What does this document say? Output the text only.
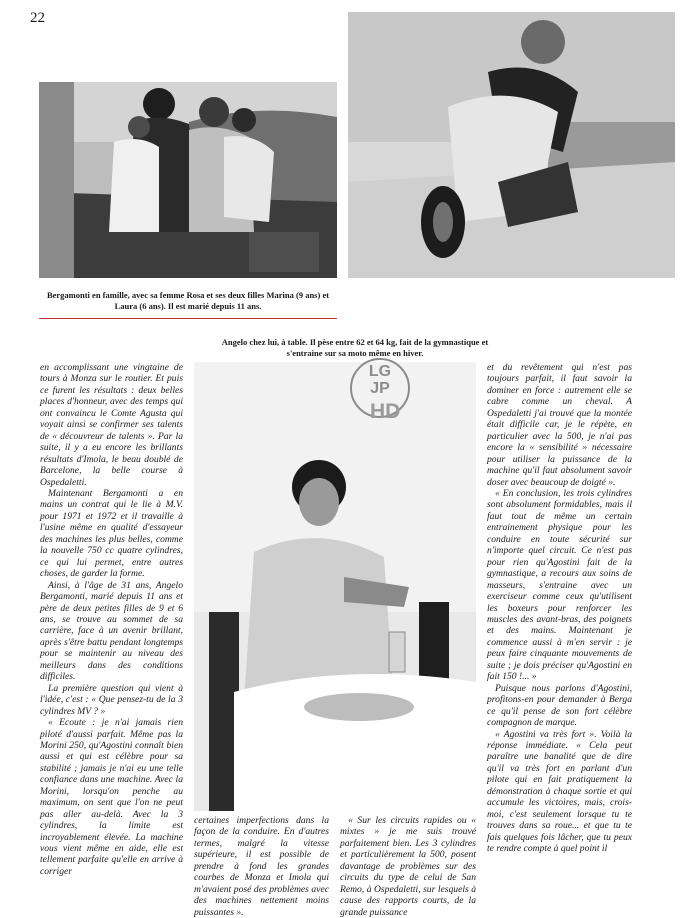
22

Bergamonti en famille, avec sa femme Rosa et ses deux filles Marina (9 ans) et Laura (6 ans). Il est marié depuis 11 ans.

Angelo chez lui, à table. Il pèse entre 62 et 64 kg, fait de la gymnastique et s'entraine sur sa moto même en hiver.

LG
JP
HD

en accomplissant une vingtaine de tours à Monza sur le routier. Et puis ce furent les résultats : deux belles places d'honneur, avec des temps qui ont convaincu le Comte Agusta qui voyait ainsi se confirmer ses talents de « découvreur de talents ». Par la suite, il y a eu encore les brillants résultats d'Imola, le beau doublé de Barcelone, la belle course à Ospedaletti.

Maintenant Bergamonti a en mains un contrat qui le lie à M.V. pour 1971 et 1972 et il travaille à l'usine même en qualité d'essayeur des machines les plus belles, comme la nouvelle 750 cc quatre cylindres, ce qui lui permet, entre autres choses, de garder la forme.

Ainsi, à l'âge de 31 ans, Angelo Bergamonti, marié depuis 11 ans et père de deux petites filles de 9 et 6 ans, se trouve au sommet de sa carrière, face à un avenir brillant, après s'être battu pendant longtemps pour se maintenir au niveau des meilleurs dans des conditions difficiles.

La première question qui vient à l'idée, c'est : « Que pensez-tu de la 3 cylindres MV ? »

« Ecoute : je n'ai jamais rien piloté d'aussi parfait. Même pas la Morini 250, qu'Agostini connaît bien aussi et qui est célèbre pour sa stabilité ; jamais je n'ai eu une telle confiance dans une machine. Avec la Morini, lorsqu'on penche au maximum, on sent que l'on ne peut pas aller au-delà. Avec la 3 cylindres, la limite est incroyablement élevée. La machine vous vient même en aide, elle est tellement parfaite qu'elle en arrive à corriger

certaines imperfections dans la façon de la conduire. En d'autres termes, malgré la vitesse supérieure, il est possible de prendre à fond les grandes courbes de Monza et Imola qui m'avaient posé des problèmes avec des machines nettement moins puissantes ».

« Sur les circuits rapides ou « mixtes » je me suis trouvé parfaitement bien. Les 3 cylindres et particulièrement la 500, posent davantage de problèmes sur des circuits du type de celui de San Remo, à Ospedaletti, sur lesquels à cause des rapports courts, de la grande puissance

et du revêtement qui n'est pas toujours parfait, il faut savoir la dominer en force : autrement elle se cabre comme un cheval. A Ospedaletti j'ai trouvé que la montée était difficile car, je le répète, en particulier avec la 500, je n'ai pas encore la « sensibilité » nécessaire pour utiliser la puissance de la machine qu'il faut absolument savoir doser avec beaucoup de doigté ».

« En conclusion, les trois cylindres sont absolument formidables, mais il faut tout de même un certain entrainement physique pour les conduire en toute sécurité sur n'importe quel circuit. Ce n'est pas pour rien qu'Agostini fait de la gymnastique, a recours aux soins de masseurs, s'entraine avec un exerciseur comme ceux qu'utilisent les boxeurs pour renforcer les muscles des avant-bras, des poignets et des mains. Maintenant je commence aussi à m'en servir : je peux faire cinquante mouvements de suite ; je dois préciser qu'Agostini en fait 150 !... »

Puisque nous parlons d'Agostini, profitons-en pour demander à Berga ce qu'il pense de son fort célèbre compagnon de marque.

« Agostini va très fort ». Voilà la réponse immédiate. « Cela peut paraître une banalité que de dire qu'il va très fort en parlant d'un pilote qui en fait pratiquement la démonstration à chaque sortie et qui accumule les victoires, mais, crois-moi, c'est seulement lorsque tu te trouves dans sa roue... et que tu te fais quelques fois lâcher, que tu peux te rendre compte à quel point il
